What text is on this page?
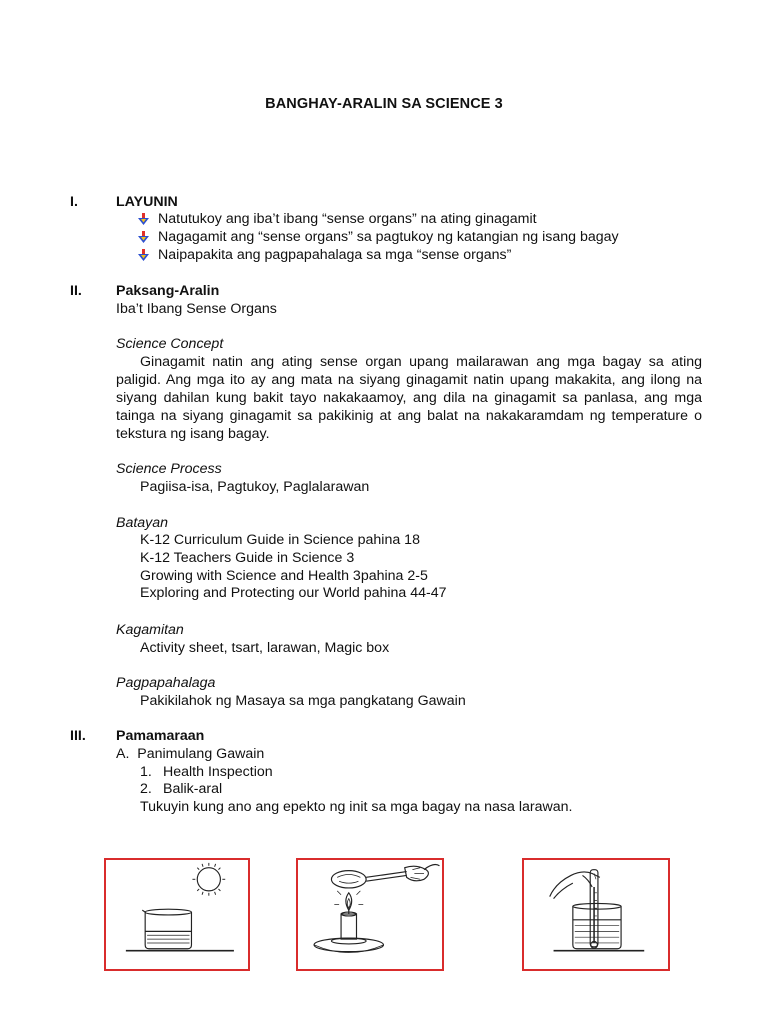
BANGHAY-ARALIN SA SCIENCE 3
I.	LAYUNIN
Natutukoy ang iba’t ibang “sense organs” na ating ginagamit
Nagagamit ang “sense organs” sa pagtukoy ng katangian ng isang bagay
Naipapakita ang pagpapahalaga sa mga “sense organs”
II. Paksang-Aralin
Iba’t Ibang Sense Organs
Science Concept
Ginagamit natin ang ating sense organ upang mailarawan ang mga bagay sa ating
paligid. Ang mga ito ay ang mata na siyang ginagamit natin upang makakita, ang ilong na
siyang dahilan kung bakit tayo nakakaamoy, ang dila na ginagamit sa panlasa, ang mga
tainga na siyang ginagamit sa pakikinig at ang balat na nakakaramdam ng temperature o
tekstura ng isang bagay.
Science Process
Pagiisa-isa, Pagtukoy, Paglalarawan
Batayan
K-12 Curriculum Guide in Science pahina 18
K-12 Teachers Guide in Science 3
Growing with Science and Health 3pahina 2-5
Exploring and Protecting our World pahina 44-47
Kagamitan
Activity sheet, tsart, larawan, Magic box
Pagpapahalaga
Pakikilahok ng Masaya sa mga pangkatang Gawain
III. Pamamaraan
A.  Panimulang Gawain
1. Health Inspection
2. Balik-aral
Tukuyin kung ano ang epekto ng init sa mga bagay na nasa larawan.
